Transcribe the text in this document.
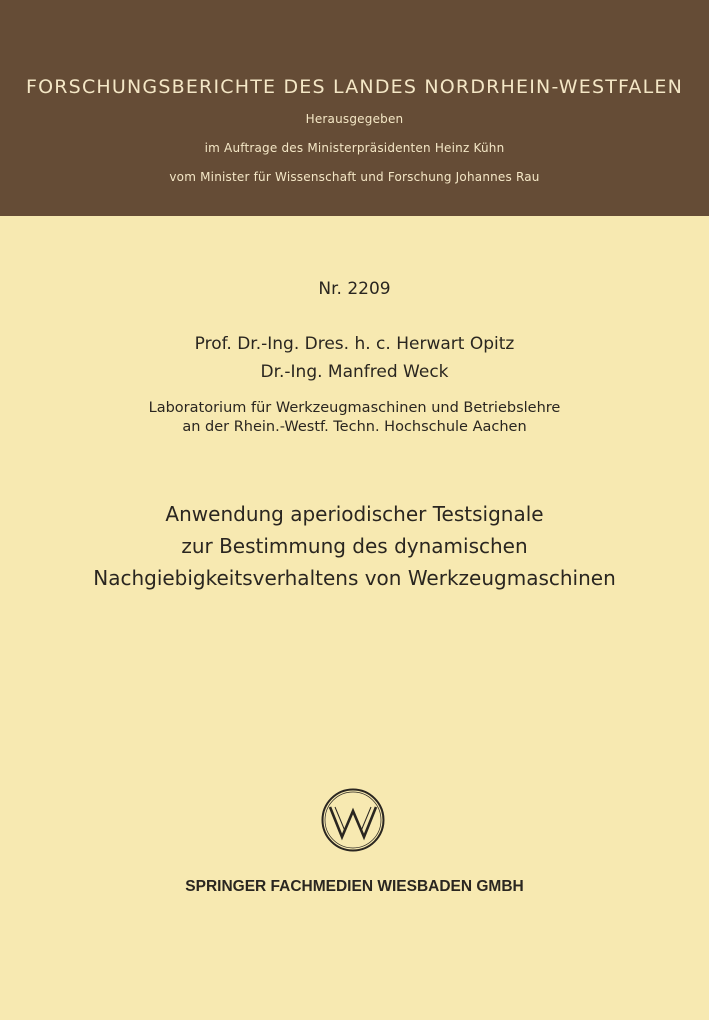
FORSCHUNGSBERICHTE DES LANDES NORDRHEIN-WESTFALEN
Herausgegeben
im Auftrage des Ministerpräsidenten Heinz Kühn
vom Minister für Wissenschaft und Forschung Johannes Rau
Nr. 2209
Prof. Dr.-Ing. Dres. h. c. Herwart Opitz
Dr.-Ing. Manfred Weck
Laboratorium für Werkzeugmaschinen und Betriebslehre
an der Rhein.-Westf. Techn. Hochschule Aachen
Anwendung aperiodischer Testsignale
zur Bestimmung des dynamischen
Nachgiebigkeitsverhaltens von Werkzeugmaschinen
SPRINGER FACHMEDIEN WIESBADEN GMBH
